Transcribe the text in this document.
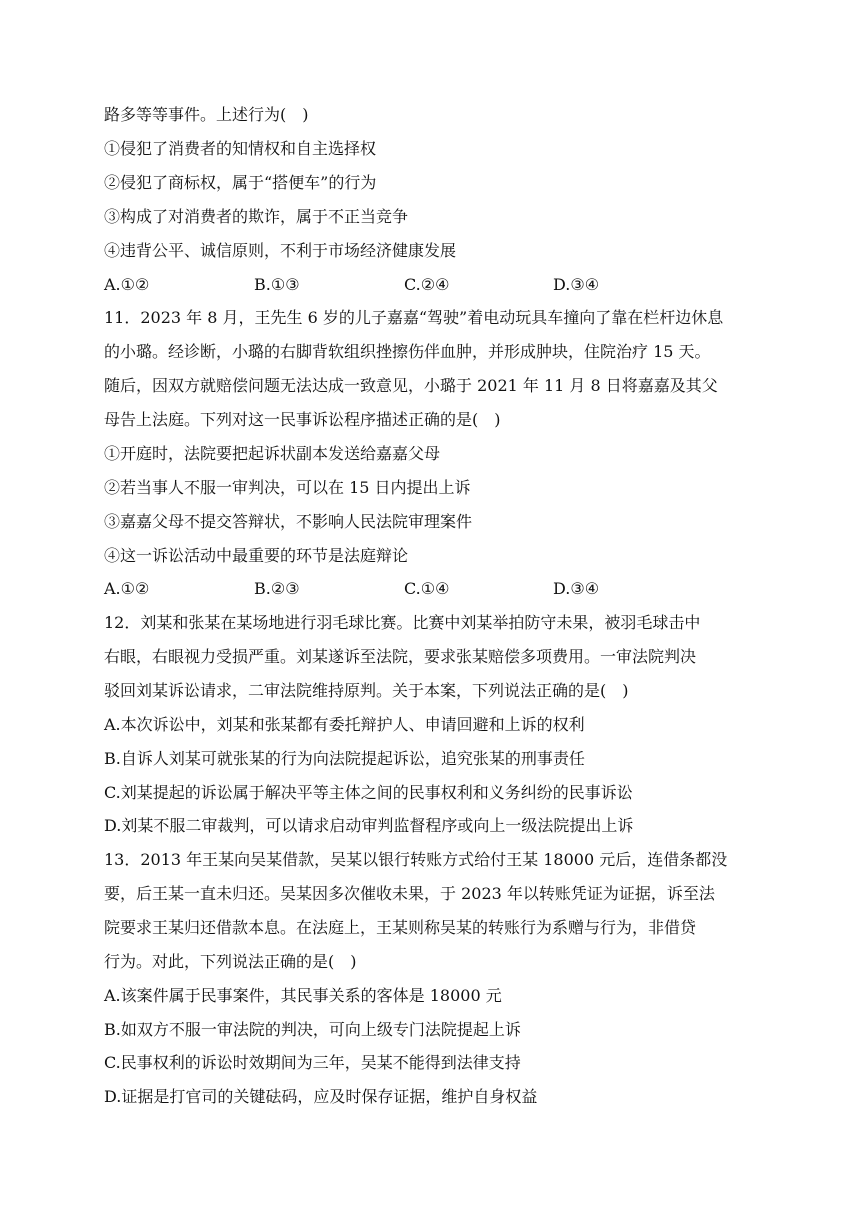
路多等等事件。上述行为(　)
①侵犯了消费者的知情权和自主选择权
②侵犯了商标权，属于“搭便车”的行为
③构成了对消费者的欺诈，属于不正当竞争
④违背公平、诚信原则，不利于市场经济健康发展
A.①②	B.①③	C.②④	D.③④
11．2023 年 8 月，王先生 6 岁的儿子嘉嘉“驾驶”着电动玩具车撞向了靠在栏杆边休息
的小璐。经诊断，小璐的右脚背软组织挫擦伤伴血肿，并形成肿块，住院治疗 15 天。
随后，因双方就赔偿问题无法达成一致意见，小璐于 2021 年 11 月 8 日将嘉嘉及其父
母告上法庭。下列对这一民事诉讼程序描述正确的是(　)
①开庭时，法院要把起诉状副本发送给嘉嘉父母
②若当事人不服一审判决，可以在 15 日内提出上诉
③嘉嘉父母不提交答辩状，不影响人民法院审理案件
④这一诉讼活动中最重要的环节是法庭辩论
A.①②	B.②③	C.①④	D.③④
12．刘某和张某在某场地进行羽毛球比赛。比赛中刘某举拍防守未果，被羽毛球击中
右眼，右眼视力受损严重。刘某遂诉至法院，要求张某赔偿多项费用。一审法院判决
驳回刘某诉讼请求，二审法院维持原判。关于本案，下列说法正确的是(　)
A.本次诉讼中，刘某和张某都有委托辩护人、申请回避和上诉的权利
B.自诉人刘某可就张某的行为向法院提起诉讼，追究张某的刑事责任
C.刘某提起的诉讼属于解决平等主体之间的民事权利和义务纠纷的民事诉讼
D.刘某不服二审裁判，可以请求启动审判监督程序或向上一级法院提出上诉
13．2013 年王某向吴某借款，吴某以银行转账方式给付王某 18000 元后，连借条都没
要，后王某一直未归还。吴某因多次催收未果，于 2023 年以转账凭证为证据，诉至法
院要求王某归还借款本息。在法庭上，王某则称吴某的转账行为系赠与行为，非借贷
行为。对此，下列说法正确的是(　)
A.该案件属于民事案件，其民事关系的客体是 18000 元
B.如双方不服一审法院的判决，可向上级专门法院提起上诉
C.民事权利的诉讼时效期间为三年，吴某不能得到法律支持
D.证据是打官司的关键砝码，应及时保存证据，维护自身权益
